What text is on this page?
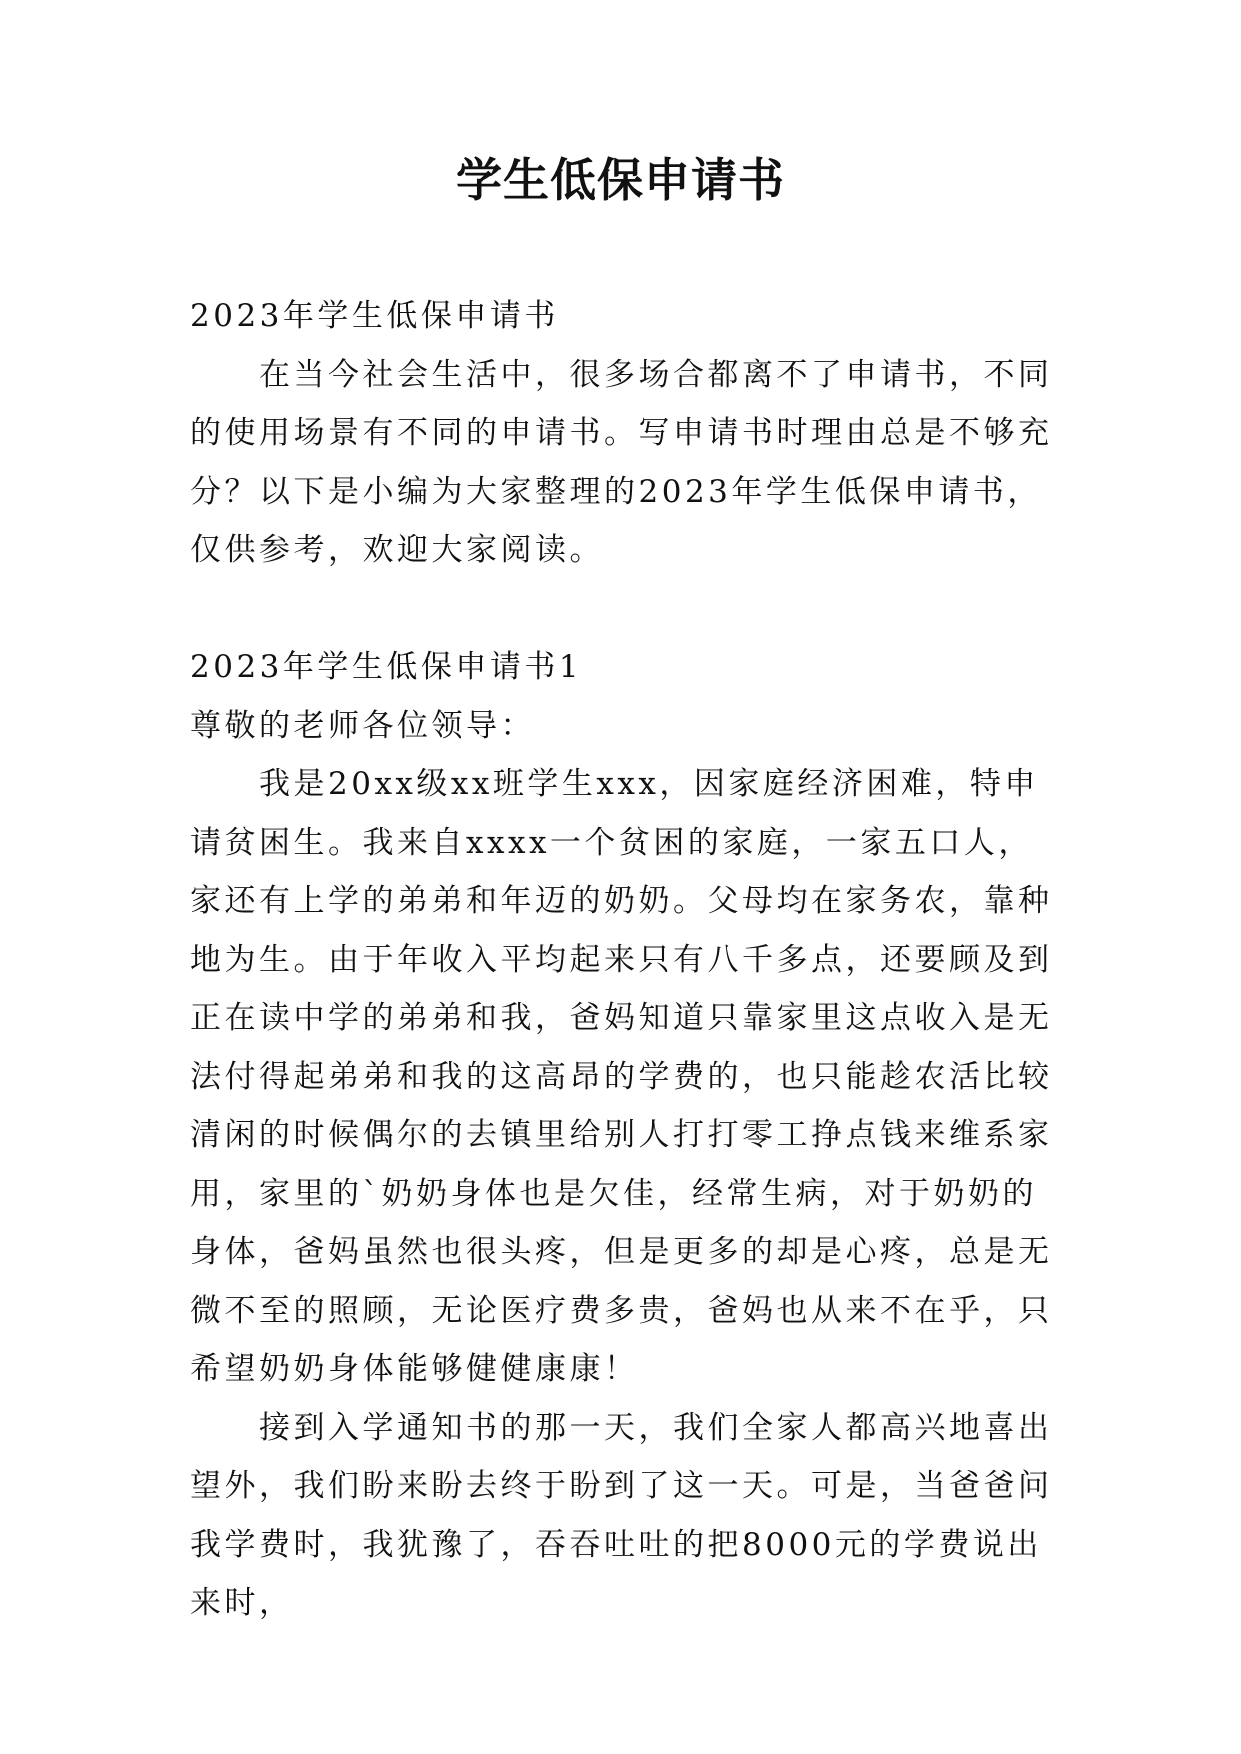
学生低保申请书

2023年学生低保申请书

在当今社会生活中，很多场合都离不了申请书，不同的使用场景有不同的申请书。写申请书时理由总是不够充分？以下是小编为大家整理的2023年学生低保申请书，仅供参考，欢迎大家阅读。

2023年学生低保申请书1

尊敬的老师各位领导：

我是20xx级xx班学生xxx，因家庭经济困难，特申请贫困生。我来自xxxx一个贫困的家庭，一家五口人，家还有上学的弟弟和年迈的奶奶。父母均在家务农，靠种地为生。由于年收入平均起来只有八千多点，还要顾及到正在读中学的弟弟和我，爸妈知道只靠家里这点收入是无法付得起弟弟和我的这高昂的学费的，也只能趁农活比较清闲的时候偶尔的去镇里给别人打打零工挣点钱来维系家用，家里的`奶奶身体也是欠佳，经常生病，对于奶奶的身体，爸妈虽然也很头疼，但是更多的却是心疼，总是无微不至的照顾，无论医疗费多贵，爸妈也从来不在乎，只希望奶奶身体能够健健康康！

接到入学通知书的那一天，我们全家人都高兴地喜出望外，我们盼来盼去终于盼到了这一天。可是，当爸爸问我学费时，我犹豫了，吞吞吐吐的把8000元的学费说出来时，
